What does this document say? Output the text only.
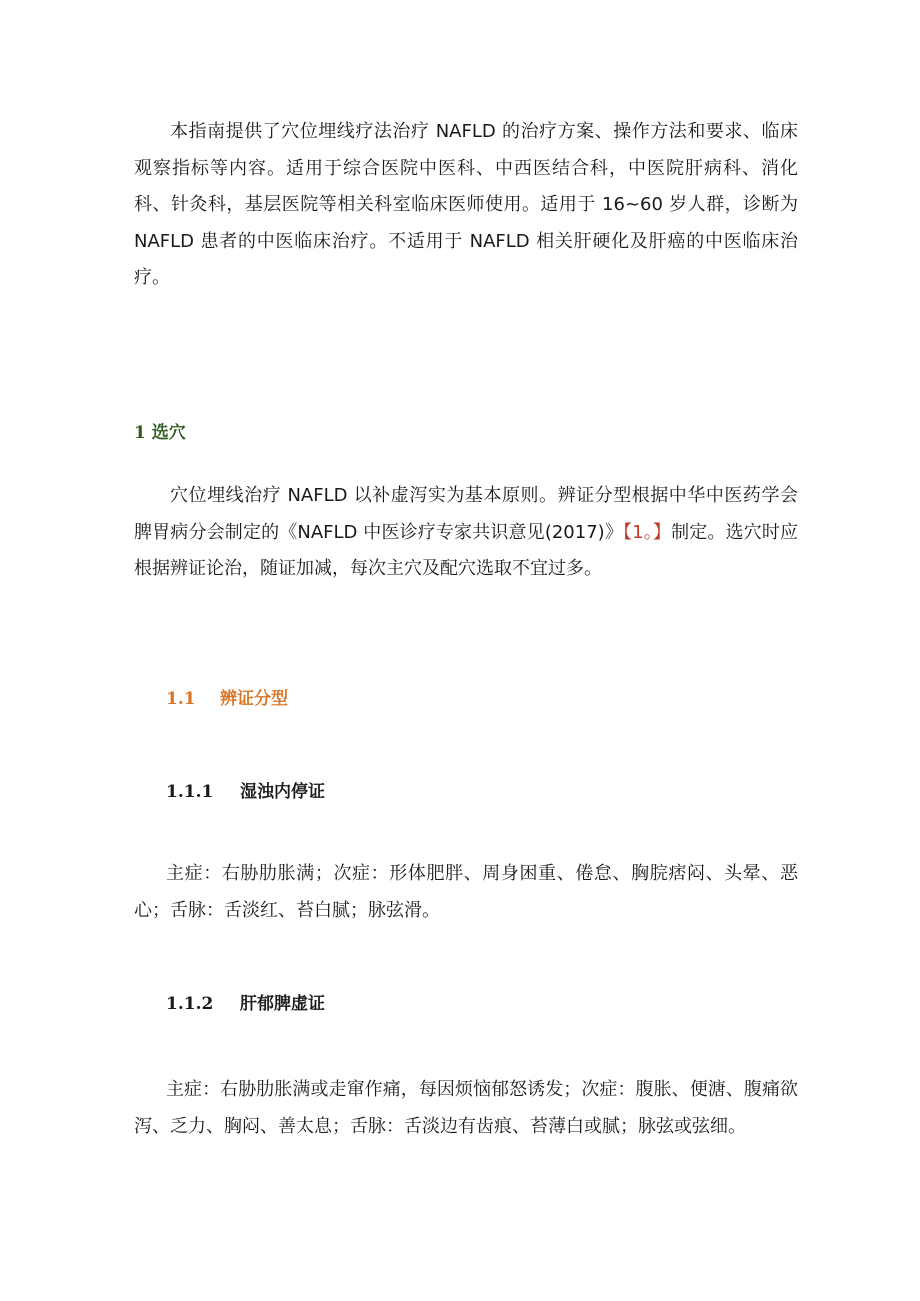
本指南提供了穴位埋线疗法治疗 NAFLD 的治疗方案、操作方法和要求、临床观察指标等内容。适用于综合医院中医科、中西医结合科，中医院肝病科、消化科、针灸科，基层医院等相关科室临床医师使用。适用于 16~60 岁人群，诊断为 NAFLD 患者的中医临床治疗。不适用于 NAFLD 相关肝硬化及肝癌的中医临床治疗。

1 选穴

穴位埋线治疗 NAFLD 以补虚泻实为基本原则。辨证分型根据中华中医药学会脾胃病分会制定的《NAFLD 中医诊疗专家共识意见(2017)》【1。】制定。选穴时应根据辨证论治，随证加减，每次主穴及配穴选取不宜过多。

1.1 辨证分型
1.1.1 湿浊内停证

主症：右胁肋胀满；次症：形体肥胖、周身困重、倦怠、胸脘痞闷、头晕、恶心；舌脉：舌淡红、苔白腻；脉弦滑。

1.1.2 肝郁脾虚证

主症：右胁肋胀满或走窜作痛，每因烦恼郁怒诱发；次症：腹胀、便溏、腹痛欲泻、乏力、胸闷、善太息；舌脉：舌淡边有齿痕、苔薄白或腻；脉弦或弦细。
